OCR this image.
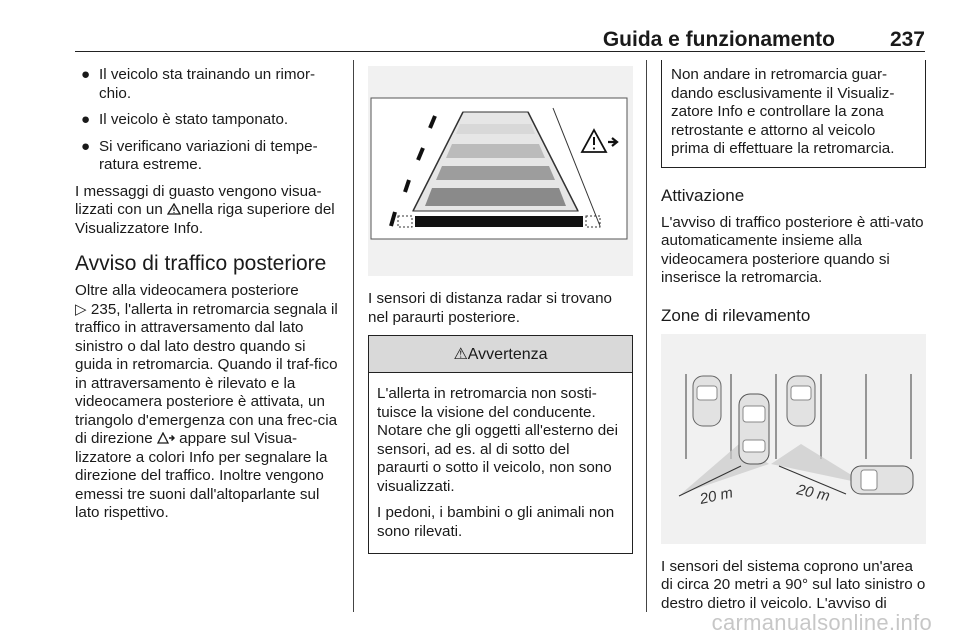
Guida e funzionamento	237
● Il veicolo sta trainando un rimor-chio.
● Il veicolo è stato tamponato.
● Si verificano variazioni di tempe-ratura estreme.

I messaggi di guasto vengono visua-lizzati con un nella riga superiore del Visualizzatore Info.

Avviso di traffico posteriore

Oltre alla videocamera posteriore
▷ 235, l'allerta in retromarcia segnala il traffico in attraversamento dal lato sinistro o dal lato destro quando si guida in retromarcia. Quando il traf-fico in attraversamento è rilevato e la videocamera posteriore è attivata, un triangolo d'emergenza con una frec-cia di direzione appare sul Visua-lizzatore a colori Info per segnalare la direzione del traffico. Inoltre vengono emessi tre suoni dall'altoparlante sul lato rispettivo.

I sensori di distanza radar si trovano nel paraurti posteriore.

⚠Avvertenza

L'allerta in retromarcia non sosti-tuisce la visione del conducente. Notare che gli oggetti all'esterno dei sensori, ad es. al di sotto del paraurti o sotto il veicolo, non sono visualizzati.

I pedoni, i bambini o gli animali non sono rilevati.

Non andare in retromarcia guar-dando esclusivamente il Visualiz-zatore Info e controllare la zona retrostante e attorno al veicolo prima di effettuare la retromarcia.
Attivazione

L'avviso di traffico posteriore è atti-vato automaticamente insieme alla videocamera posteriore quando si inserisce la retromarcia.

Zone di rilevamento
20 m	20 m

I sensori del sistema coprono un'area di circa 20 metri a 90° sul lato sinistro o destro dietro il veicolo. L'avviso di

carmanualsonline.info
